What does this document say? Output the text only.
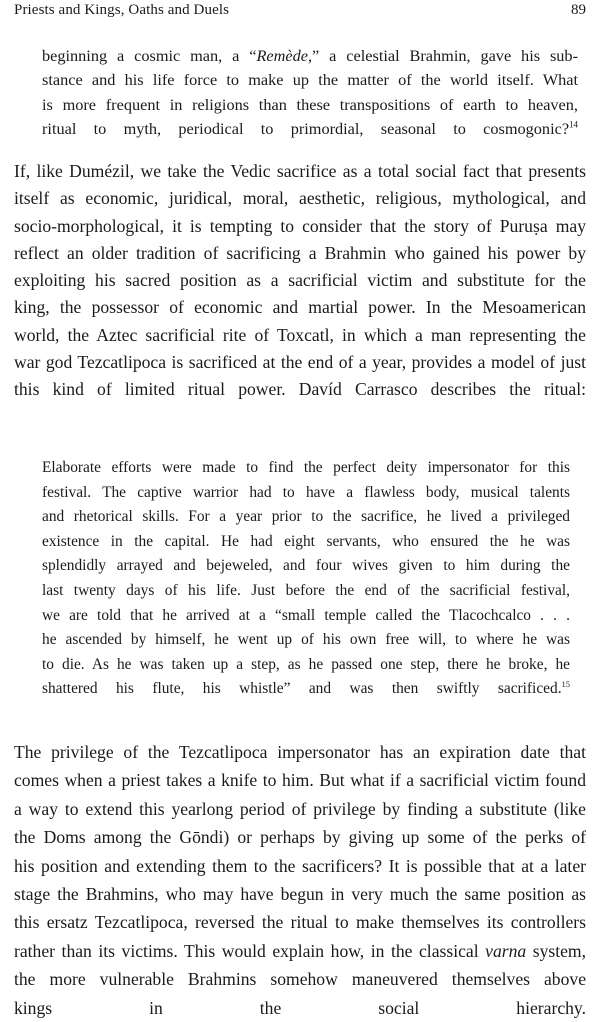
Priests and Kings, Oaths and Duels	89
beginning a cosmic man, a “Remède,” a celestial Brahmin, gave his sub-
stance and his life force to make up the matter of the world itself. What
is more frequent in religions than these transpositions of earth to heaven,
ritual to myth, periodical to primordial, seasonal to cosmogonic?$^{14}$
If, like Dumézil, we take the Vedic sacrifice as a total social fact that presents
itself as economic, juridical, moral, aesthetic, religious, mythological, and
socio-morphological, it is tempting to consider that the story of Puruṣa may
reflect an older tradition of sacrificing a Brahmin who gained his power by
exploiting his sacred position as a sacrificial victim and substitute for the
king, the possessor of economic and martial power. In the Mesoamerican
world, the Aztec sacrificial rite of Toxcatl, in which a man representing the
war god Tezcatlipoca is sacrificed at the end of a year, provides a model of just
this kind of limited ritual power. Davíd Carrasco describes the ritual:
Elaborate efforts were made to find the perfect deity impersonator for this
festival. The captive warrior had to have a flawless body, musical talents
and rhetorical skills. For a year prior to the sacrifice, he lived a privileged
existence in the capital. He had eight servants, who ensured the he was
splendidly arrayed and bejeweled, and four wives given to him during the
last twenty days of his life. Just before the end of the sacrificial festival,
we are told that he arrived at a “small temple called the Tlacochcalco . . .
he ascended by himself, he went up of his own free will, to where he was
to die. As he was taken up a step, as he passed one step, there he broke, he
shattered his flute, his whistle” and was then swiftly sacrificed.$^{15}$
The privilege of the Tezcatlipoca impersonator has an expiration date that
comes when a priest takes a knife to him. But what if a sacrificial victim found
a way to extend this yearlong period of privilege by finding a substitute (like
the Doms among the Gōndi) or perhaps by giving up some of the perks of
his position and extending them to the sacrificers? It is possible that at a later
stage the Brahmins, who may have begun in very much the same position as
this ersatz Tezcatlipoca, reversed the ritual to make themselves its controllers
rather than its victims. This would explain how, in the classical varna system,
the more vulnerable Brahmins somehow maneuvered themselves above
kings in the social hierarchy.
